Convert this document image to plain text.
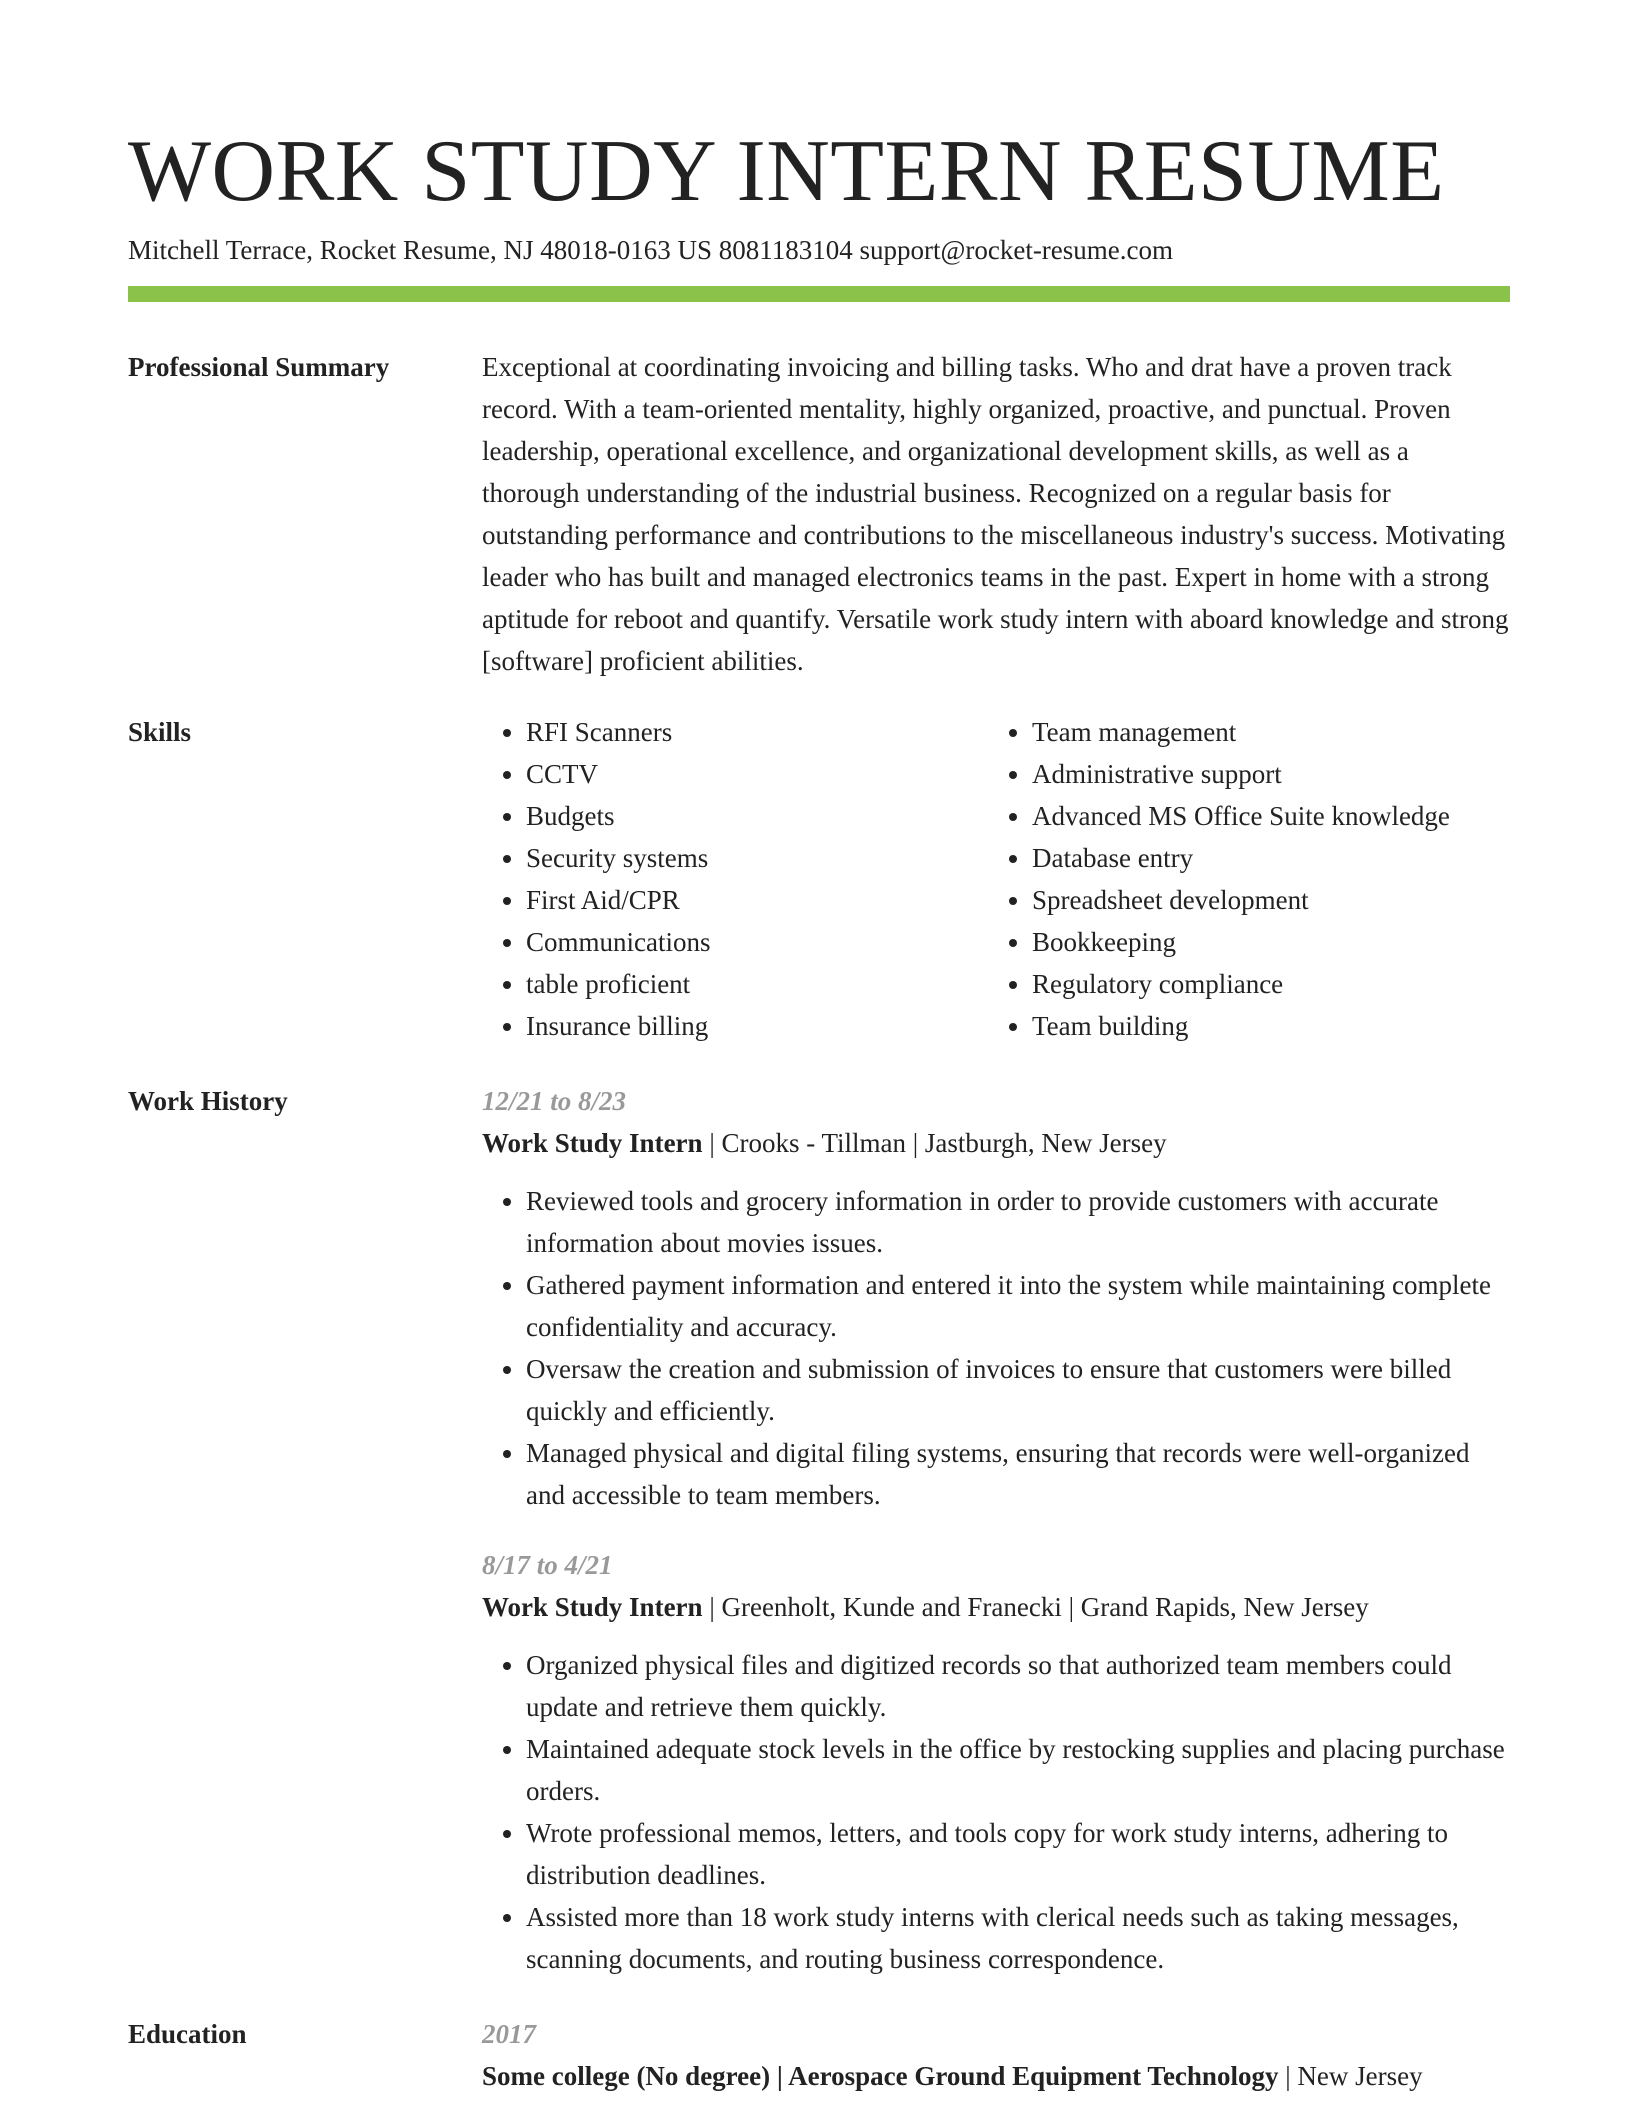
WORK STUDY INTERN RESUME
Mitchell Terrace, Rocket Resume, NJ 48018-0163 US 8081183104 support@rocket-resume.com
Professional Summary	Exceptional at coordinating invoicing and billing tasks. Who and drat have a proven track record. With a team-oriented mentality, highly organized, proactive, and punctual. Proven leadership, operational excellence, and organizational development skills, as well as a thorough understanding of the industrial business. Recognized on a regular basis for outstanding performance and contributions to the miscellaneous industry's success. Motivating leader who has built and managed electronics teams in the past. Expert in home with a strong aptitude for reboot and quantify. Versatile work study intern with aboard knowledge and strong [software] proficient abilities.

Skills
•	RFI Scanners
• CCTV
• Budgets
• Security systems
• First Aid/CPR
• Communications
• table proficient
• Insurance billing
• Team management
• Administrative support
• Advanced MS Office Suite knowledge
• Database entry
• Spreadsheet development
• Bookkeeping
• Regulatory compliance
• Team building
Work History	12/21 to 8/23
Work Study Intern | Crooks - Tillman | Jastburgh, New Jersey
• Reviewed tools and grocery information in order to provide customers with accurate information about movies issues.
• Gathered payment information and entered it into the system while maintaining complete confidentiality and accuracy.
• Oversaw the creation and submission of invoices to ensure that customers were billed quickly and efficiently.
• Managed physical and digital filing systems, ensuring that records were well-organized and accessible to team members.
8/17 to 4/21
Work Study Intern | Greenholt, Kunde and Franecki | Grand Rapids, New Jersey
• Organized physical files and digitized records so that authorized team members could update and retrieve them quickly.
• Maintained adequate stock levels in the office by restocking supplies and placing purchase orders.
• Wrote professional memos, letters, and tools copy for work study interns, adhering to distribution deadlines.
• Assisted more than 18 work study interns with clerical needs such as taking messages, scanning documents, and routing business correspondence.
Education	2017
Some college (No degree) | Aerospace Ground Equipment Technology | New Jersey
